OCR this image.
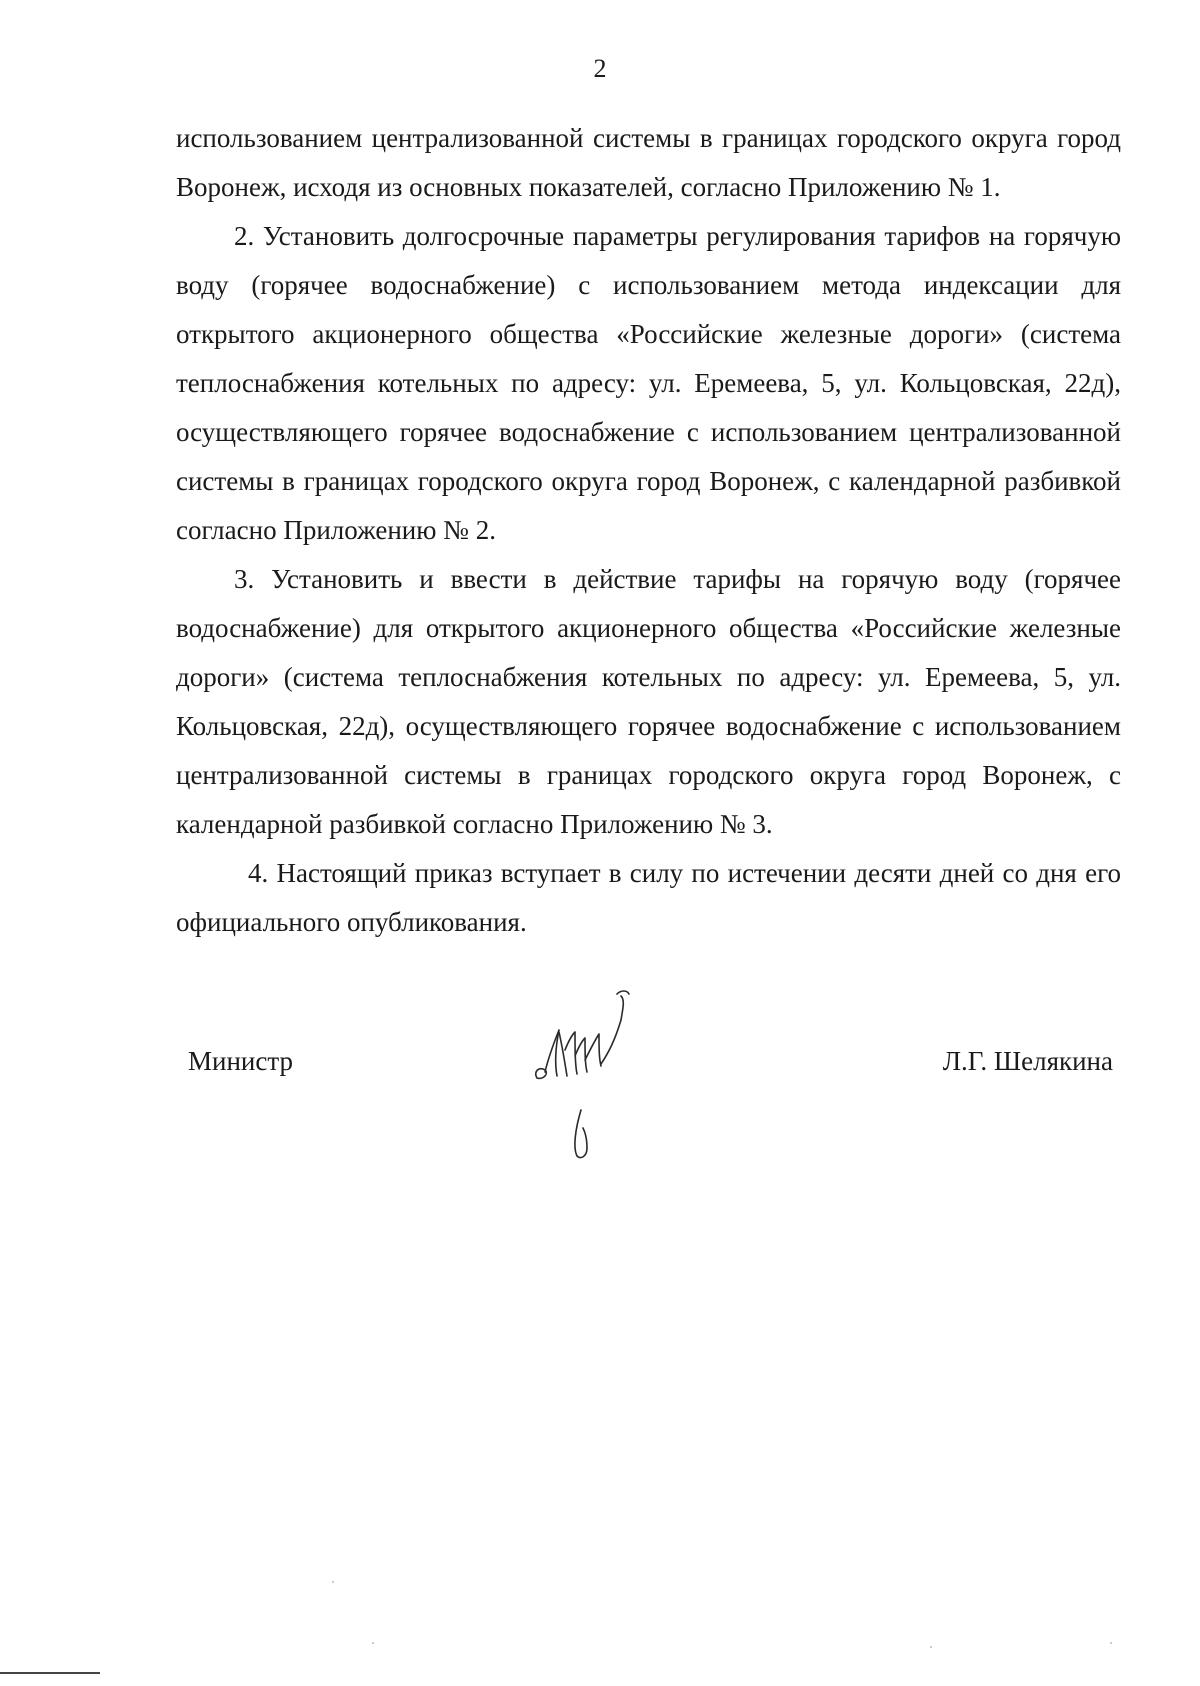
2

использованием централизованной системы в границах городского округа город Воронеж, исходя из основных показателей, согласно Приложению № 1.

2. Установить долгосрочные параметры регулирования тарифов на горячую воду (горячее водоснабжение) с использованием метода индексации для открытого акционерного общества «Российские железные дороги» (система теплоснабжения котельных по адресу: ул. Еремеева, 5, ул. Кольцовская, 22д), осуществляющего горячее водоснабжение с использованием централизованной системы в границах городского округа город Воронеж, с календарной разбивкой согласно Приложению № 2.

3. Установить и ввести в действие тарифы на горячую воду (горячее водоснабжение) для открытого акционерного общества «Российские железные дороги» (система теплоснабжения котельных по адресу: ул. Еремеева, 5, ул. Кольцовская, 22д), осуществляющего горячее водоснабжение с использованием централизованной системы в границах городского округа город Воронеж, с календарной разбивкой согласно Приложению № 3.

4. Настоящий приказ вступает в силу по истечении десяти дней со дня его официального опубликования.

Министр	Л.Г. Шелякина
